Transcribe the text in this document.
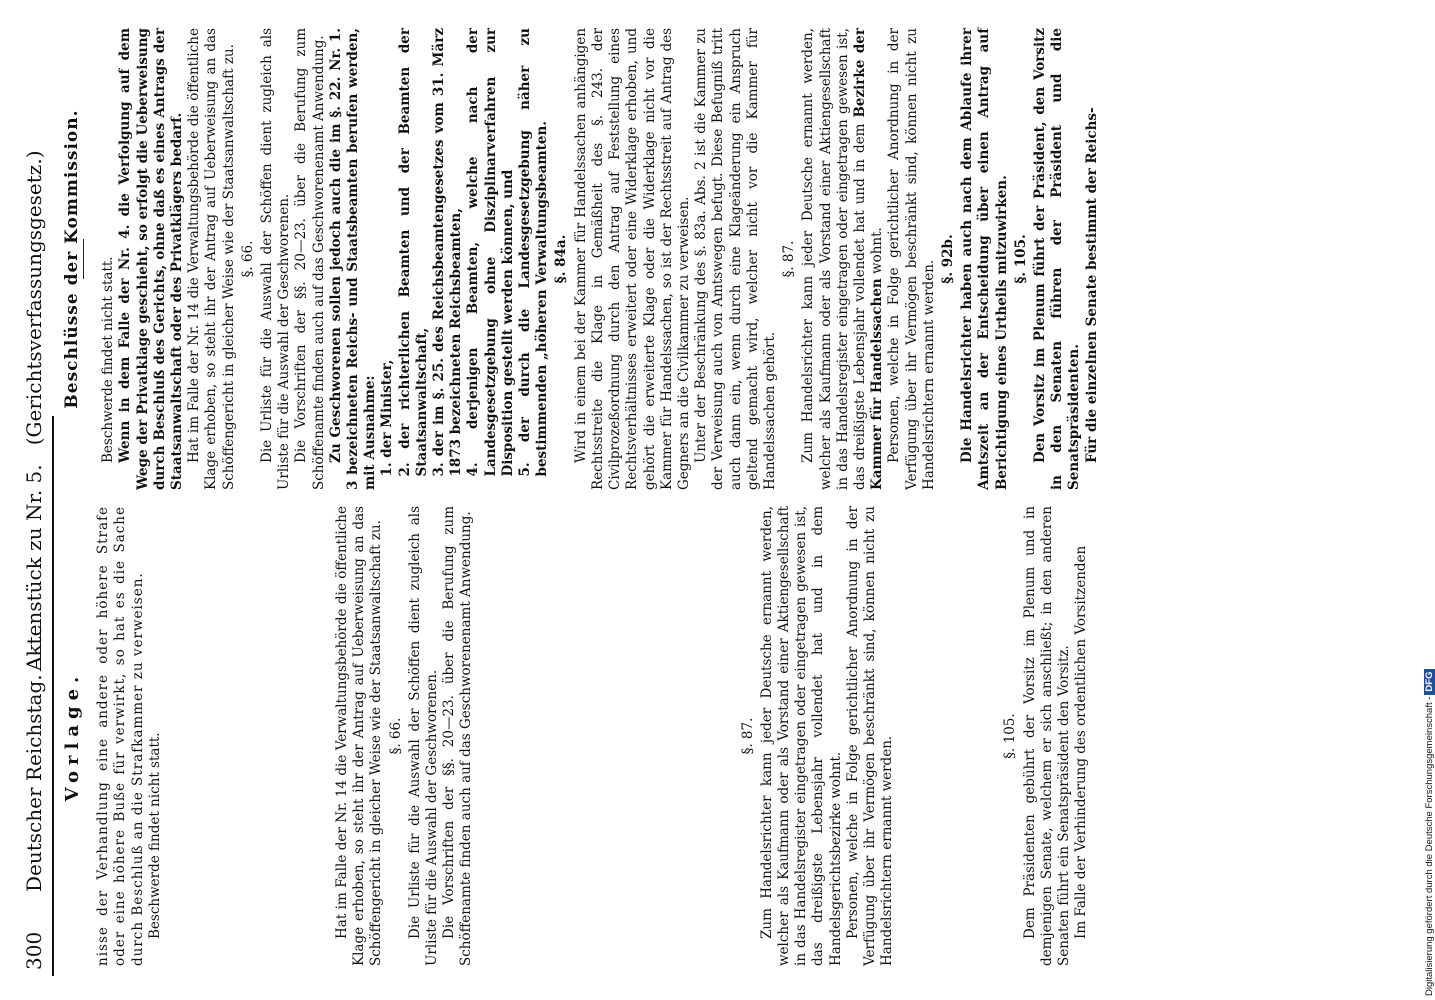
300
Deutscher Reichstag.
Aktenstück zu Nr. 5.   (Gerichtsverfassungsgesetz.)
Vorlage. nisse der Verhandlung eine andere oder höhere Strafe oder eine höhere Buße für verwirkt, so hat es die Sache durch Beschluß an die Strafkammer zu verweisen. Beschwerde findet nicht statt.	Hat im Falle der Nr. 14 die Verwaltungsbehörde die öffentliche Klage erhoben, so steht ihr der Antrag auf Ueberweisung an das Schöffengericht in gleicher Weise wie der Staatsanwaltschaft zu. §. 66. Die Urliste für die Auswahl der Schöffen dient zugleich als Urliste für die Auswahl der Geschworenen. Die Vorschriften der §§. 20—23. über die Berufung zum Schöffenamte finden auch auf das Geschworenenamt Anwendung.	§. 87. Zum Handelsrichter kann jeder Deutsche ernannt werden, welcher als Kaufmann oder als Vorstand einer Aktiengesellschaft in das Handelsregister eingetragen oder eingetragen gewesen ist, das dreißigste Lebensjahr vollendet hat und in dem Handelsgerichtsbezirke wohnt. Personen, welche in Folge gerichtlicher Anordnung in der Verfügung über ihr Vermögen beschränkt sind, können nicht zu Handelsrichtern ernannt werden.	§. 105. Dem Präsidenten gebührt der Vorsitz im Plenum und in demjenigen Senate, welchem er sich anschließt; in den anderen Senaten führt ein Senatspräsident den Vorsitz. Im Falle der Verhinderung des ordentlichen Vorsitzenden

Beschlüsse der Kommission. Beschwerde findet nicht statt. Wenn in dem Falle der Nr. 4. die Verfolgung auf dem Wege der Privatklage geschieht, so erfolgt die Ueberweisung durch Beschluß des Gerichts, ohne daß es eines Antrags der Staatsanwaltschaft oder des Privatklägers bedarf. Hat im Falle der Nr. 14 die Verwaltungsbehörde die öffentliche Klage erhoben, so steht ihr der Antrag auf Ueberweisung an das Schöffengericht in gleicher Weise wie der Staatsanwaltschaft zu. §. 66. Die Urliste für die Auswahl der Schöffen dient zugleich als Urliste für die Auswahl der Geschworenen. Die Vorschriften der §§. 20—23. über die Berufung zum Schöffenamte finden auch auf das Geschworenenamt Anwendung. Zu Geschworenen sollen jedoch auch die im §. 22. Nr. 1. 3 bezeichneten Reichs- und Staatsbeamten berufen werden, mit Ausnahme: 1. der Minister, 2. der richterlichen Beamten und der Beamten der Staatsanwaltschaft, 3. der im §. 25. des Reichsbeamtengesetzes vom 31. März 1873 bezeichneten Reichsbeamten, 4. derjenigen Beamten, welche nach der Landesgesetzgebung ohne Disziplinarverfahren zur Disposition gestellt werden können, und 5. der durch die Landesgesetzgebung näher zu bestimmenden „höheren Verwaltungsbeamten. §. 84a. Wird in einem bei der Kammer für Handelssachen anhängigen Rechtsstreite die Klage in Gemäßheit des §. 243. der Civilprozeßordnung durch den Antrag auf Feststellung eines Rechtsverhältnisses erweitert oder eine Widerklage erhoben, und gehört die erweiterte Klage oder die Widerklage nicht vor die Kammer für Handelssachen, so ist der Rechtsstreit auf Antrag des Gegners an die Civilkammer zu verweisen. Unter der Beschränkung des §. 83a. Abs. 2 ist die Kammer zu der Verweisung auch von Amtswegen befugt. Diese Befugniß tritt auch dann ein, wenn durch eine Klageänderung ein Anspruch geltend gemacht wird, welcher nicht vor die Kammer für Handelssachen gehört.

§. 87. Zum Handelsrichter kann jeder Deutsche ernannt werden, welcher als Kaufmann oder als Vorstand einer Aktiengesellschaft in das Handelsregister eingetragen oder eingetragen gewesen ist, das dreißigste Lebensjahr vollendet hat und in dem Bezirke der Kammer für Handelssachen wohnt. Personen, welche in Folge gerichtlicher Anordnung in der Verfügung über ihr Vermögen beschränkt sind, können nicht zu Handelsrichtern ernannt werden.

§. 92b. Die Handelsrichter haben auch nach dem Ablaufe ihrer Amtszeit an der Entscheidung über einen Antrag auf Berichtigung eines Urtheils mitzuwirken. §. 105. Den Vorsitz im Plenum führt der Präsident, den Vorsitz in den Senaten führen der Präsident und die Senatspräsidenten. Für die einzelnen Senate bestimmt der Reichs-

Digitalisierung gefördert durch die Deutsche Forschungsgemeinschaft -DFG
